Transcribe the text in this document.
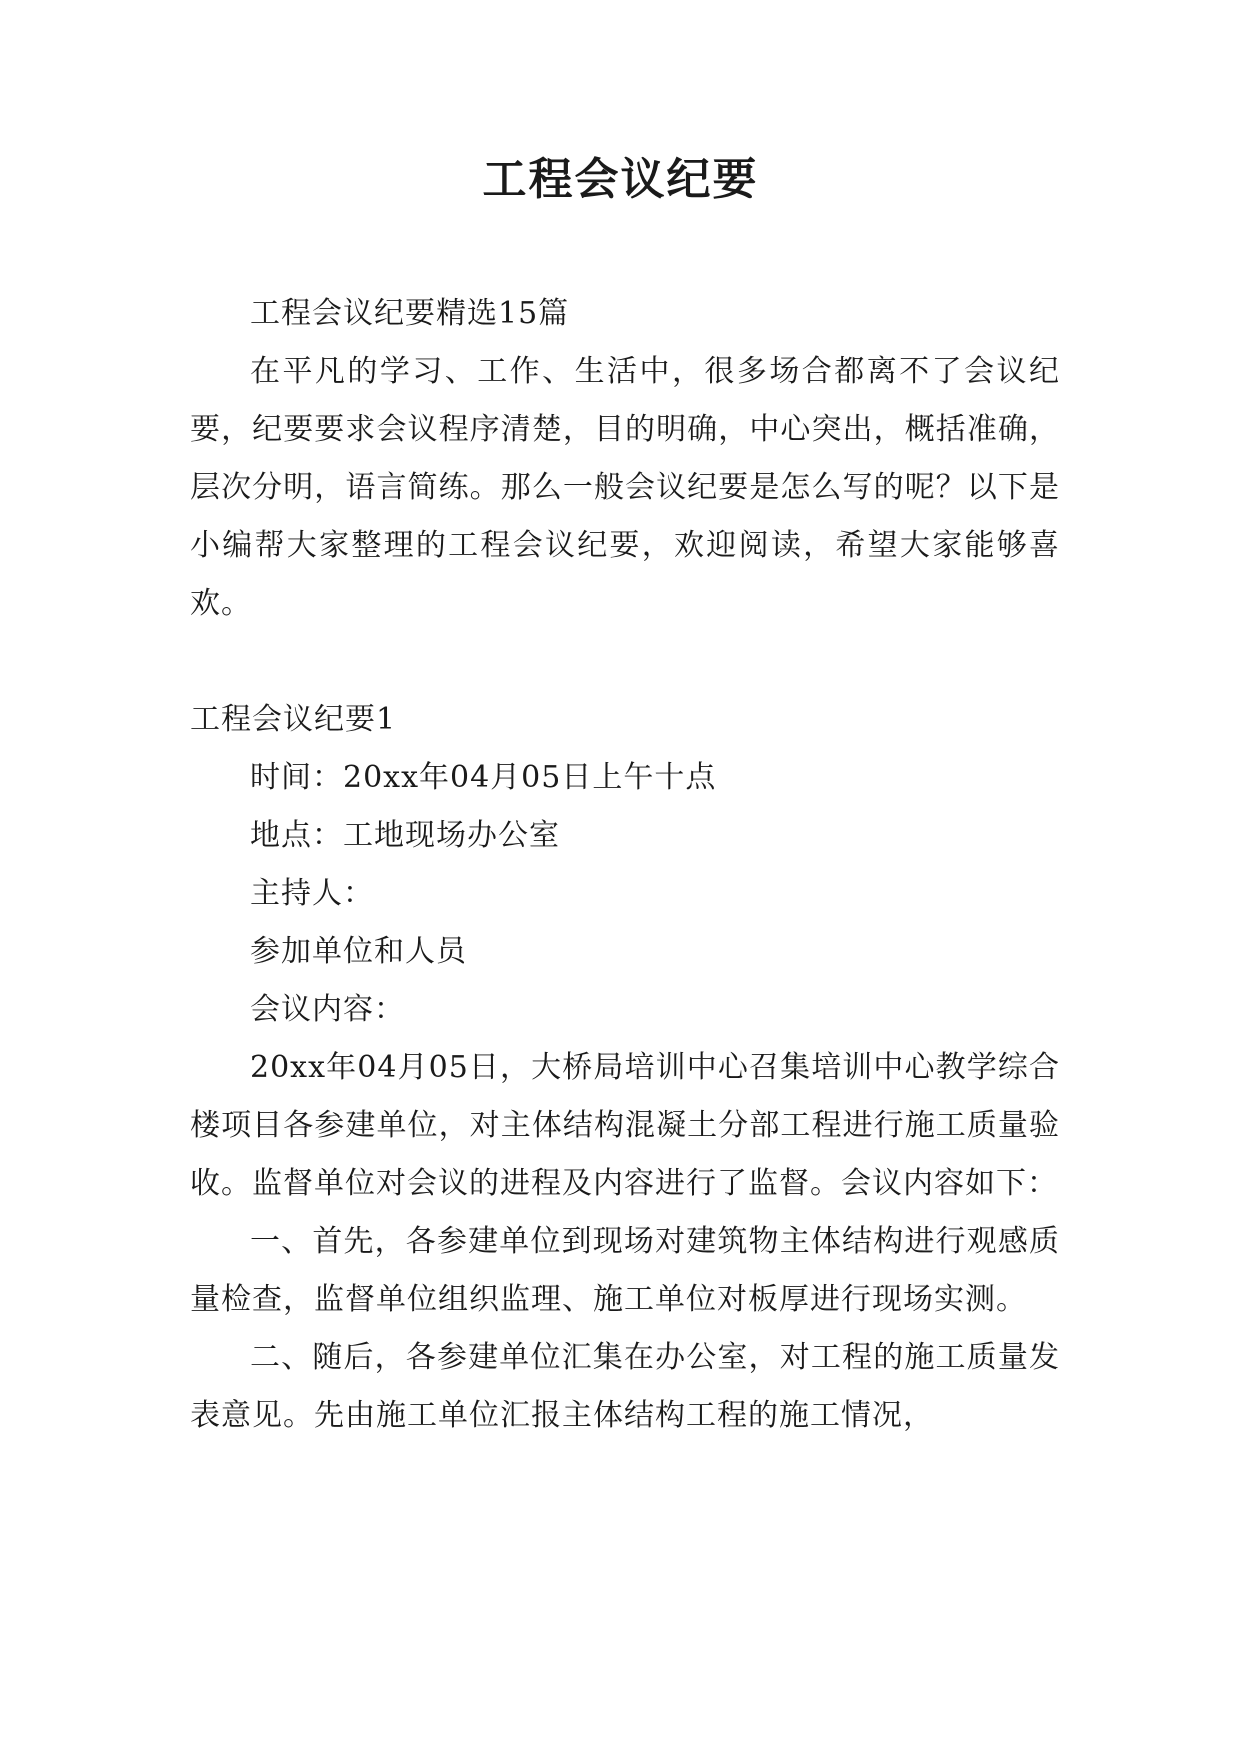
工程会议纪要

工程会议纪要精选15篇

在平凡的学习、工作、生活中，很多场合都离不了会议纪要，纪要要求会议程序清楚，目的明确，中心突出，概括准确，层次分明，语言简练。那么一般会议纪要是怎么写的呢？以下是小编帮大家整理的工程会议纪要，欢迎阅读，希望大家能够喜欢。

工程会议纪要1

时间：20xx年04月05日上午十点

地点：工地现场办公室

主持人：

参加单位和人员

会议内容：

20xx年04月05日，大桥局培训中心召集培训中心教学综合楼项目各参建单位，对主体结构混凝土分部工程进行施工质量验收。监督单位对会议的进程及内容进行了监督。会议内容如下：

一、首先，各参建单位到现场对建筑物主体结构进行观感质量检查，监督单位组织监理、施工单位对板厚进行现场实测。

二、随后，各参建单位汇集在办公室，对工程的施工质量发表意见。先由施工单位汇报主体结构工程的施工情况，
